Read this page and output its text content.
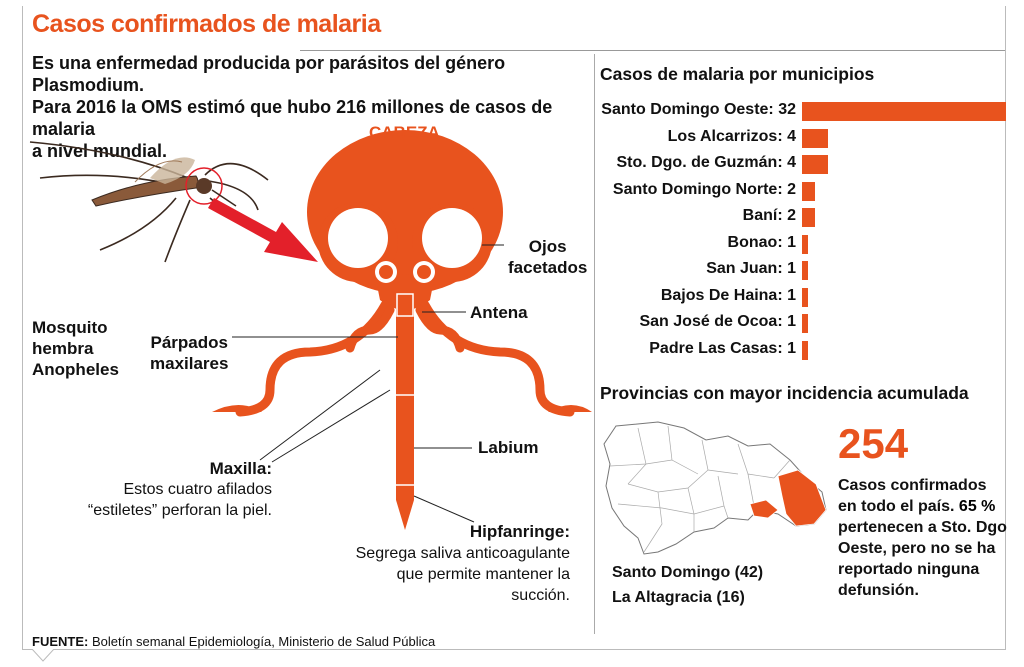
Casos confirmados de malaria
Es una enfermedad producida por parásitos del género Plasmodium.
Para 2016 la OMS estimó que hubo 216 millones de casos de malaria
a nivel mundial.
CABEZA
Mosquito
hembra
Anopheles
Ojos
facetados
Antena
Párpados
maxilares
Labium
Maxilla:
Estos cuatro afilados
“estiletes” perforan la piel.
Hipfanringe:
Segrega saliva anticoagulante
que permite mantener la
succión.
Casos de malaria por municipios
Santo Domingo Oeste: 32
Los Alcarrizos: 4
Sto. Dgo. de Guzmán: 4
Santo Domingo Norte: 2
Baní: 2
Bonao: 1
San Juan: 1
Bajos De Haina: 1
San José de Ocoa: 1
Padre Las Casas: 1
Provincias con mayor incidencia acumulada
254
Casos confirmados
en todo el país. 65 %
pertenecen a Sto. Dgo
Oeste, pero no se ha
reportado ninguna
defunsión.
Santo Domingo (42)
La Altagracia (16)
FUENTE: Boletín semanal Epidemiología, Ministerio de Salud Pública
